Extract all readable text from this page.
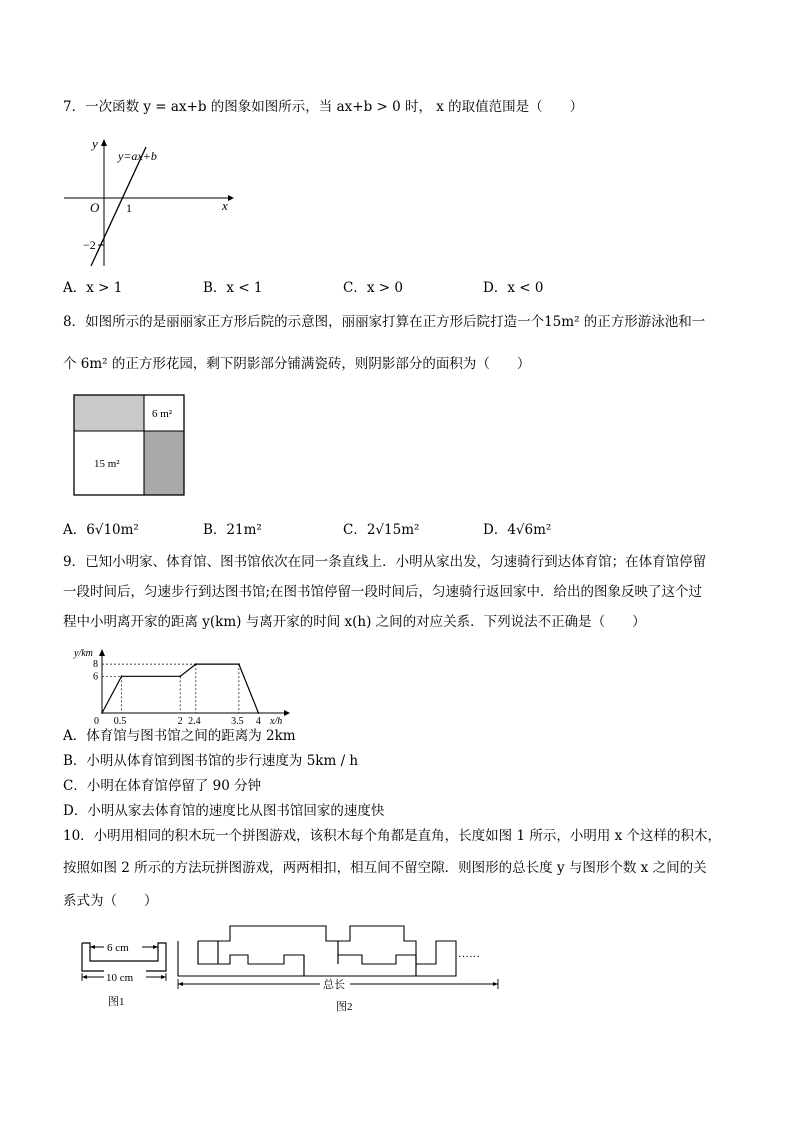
7．一次函数 y = ax+b 的图象如图所示，当 ax+b > 0 时， x 的取值范围是（　　）
y
y=ax+b
O 1
−2
x
A．x > 1	B．x < 1	C．x > 0	D．x < 0
8．如图所示的是丽丽家正方形后院的示意图，丽丽家打算在正方形后院打造一个15m² 的正方形游泳池和一
个 6m² 的正方形花园，剩下阴影部分铺满瓷砖，则阴影部分的面积为（　　）
6 m²
15 m²
A．6√10m²	B．21m²	C．2√15m²	D．4√6m²
9．已知小明家、体育馆、图书馆依次在同一条直线上．小明从家出发，匀速骑行到达体育馆；在体育馆停留
一段时间后，匀速步行到达图书馆;在图书馆停留一段时间后，匀速骑行返回家中．给出的图象反映了这个过
程中小明离开家的距离 y(km) 与离开家的时间 x(h) 之间的对应关系．下列说法不正确是（　　）
y/km
x/h
6
8
0 0.5	2 2.4	3.5 4
A．体育馆与图书馆之间的距离为 2km
B．小明从体育馆到图书馆的步行速度为 5km / h
C．小明在体育馆停留了 90 分钟
D．小明从家去体育馆的速度比从图书馆回家的速度快
10．小明用相同的积木玩一个拼图游戏，该积木每个角都是直角，长度如图 1 所示，小明用 x 个这样的积木，
按照如图 2 所示的方法玩拼图游戏，两两相扣，相互间不留空隙．则图形的总长度 y 与图形个数 x 之间的关
系式为（　　）
6 cm
10 cm
图1
……
总长
图2
